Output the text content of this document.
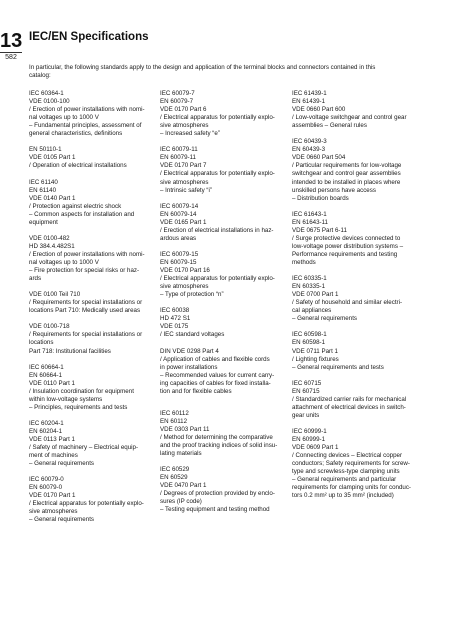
13
582
IEC/EN Specifications

In particular, the following standards apply to the design and application of the terminal blocks and connectors contained in this
catalog:

IEC 60364-1
VDE 0100-100
/ Erection of power installations with nomi-
nal voltages up to 1000 V
– Fundamental principles, assessment of
general characteristics, definitions
EN 50110-1
VDE 0105 Part 1
/ Operation of electrical installations
IEC 61140
EN 61140
VDE 0140 Part 1
/ Protection against electric shock
– Common aspects for installation and
equipment
VDE 0100-482
HD 384.4.482S1
/ Erection of power installations with nomi-
nal voltages up to 1000 V
– Fire protection for special risks or haz-
ards
VDE 0100 Teil 710
/ Requirements for special installations or
locations Part 710: Medically used areas
VDE 0100-718
/ Requirements for special installations or
locations
Part 718: Institutional facilities
IEC 60664-1
EN 60664-1
VDE 0110 Part 1
/ Insulation coordination for equipment
within low-voltage systems
– Principles, requirements and tests
IEC 60204-1
EN 60204-1
VDE 0113 Part 1
/ Safety of machinery – Electrical equip-
ment of machines
– General requirements
IEC 60079-0
EN 60079-0
VDE 0170 Part 1
/ Electrical apparatus for potentially explo-
sive atmospheres
– General requirements
IEC 60079-7
EN 60079-7
VDE 0170 Part 6
/ Electrical apparatus for potentially explo-
sive atmospheres
– Increased safety “e”
IEC 60079-11
EN 60079-11
VDE 0170 Part 7
/ Electrical apparatus for potentially explo-
sive atmospheres
– Intrinsic safety “i”
IEC 60079-14
EN 60079-14
VDE 0165 Part 1
/ Erection of electrical installations in haz-
ardous areas
IEC 60079-15
EN 60079-15
VDE 0170 Part 16
/ Electrical apparatus for potentially explo-
sive atmospheres
– Type of protection “n”
IEC 60038
HD 472 S1
VDE 0175
/ IEC standard voltages
DIN VDE 0298 Part 4
/ Application of cables and flexible cords
in power installations
– Recommended values for current carry-
ing capacities of cables for fixed installa-
tion and for flexible cables
IEC 60112
EN 60112
VDE 0303 Part 11
/ Method for determining the comparative
and the proof tracking indices of solid insu-
lating materials
IEC 60529
EN 60529
VDE 0470 Part 1
/ Degrees of protection provided by enclo-
sures (IP code)
– Testing equipment and testing method
IEC 61439-1
EN 61439-1
VDE 0660 Part 600
/ Low-voltage switchgear and control gear
assemblies – General rules
IEC 60439-3
EN 60439-3
VDE 0660 Part 504
/ Particular requirements for low-voltage
switchgear and control gear assemblies
intended to be installed in places where
unskilled persons have access
– Distribution boards
IEC 61643-1
EN 61643-11
VDE 0675 Part 6-11
/ Surge protective devices connected to
low-voltage power distribution systems –
Performance requirements and testing
methods
IEC 60335-1
EN 60335-1
VDE 0700 Part 1
/ Safety of household and similar electri-
cal appliances
– General requirements
IEC 60598-1
EN 60598-1
VDE 0711 Part 1
/ Lighting fixtures
– General requirements and tests
IEC 60715
EN 60715
/ Standardized carrier rails for mechanical
attachment of electrical devices in switch-
gear units
IEC 60999-1
EN 60999-1
VDE 0609 Part 1
/ Connecting devices – Electrical copper
conductors; Safety requirements for screw-
type and screwless-type clamping units
– General requirements and particular
requirements for clamping units for conduc-
tors 0.2 mm² up to 35 mm² (included)
